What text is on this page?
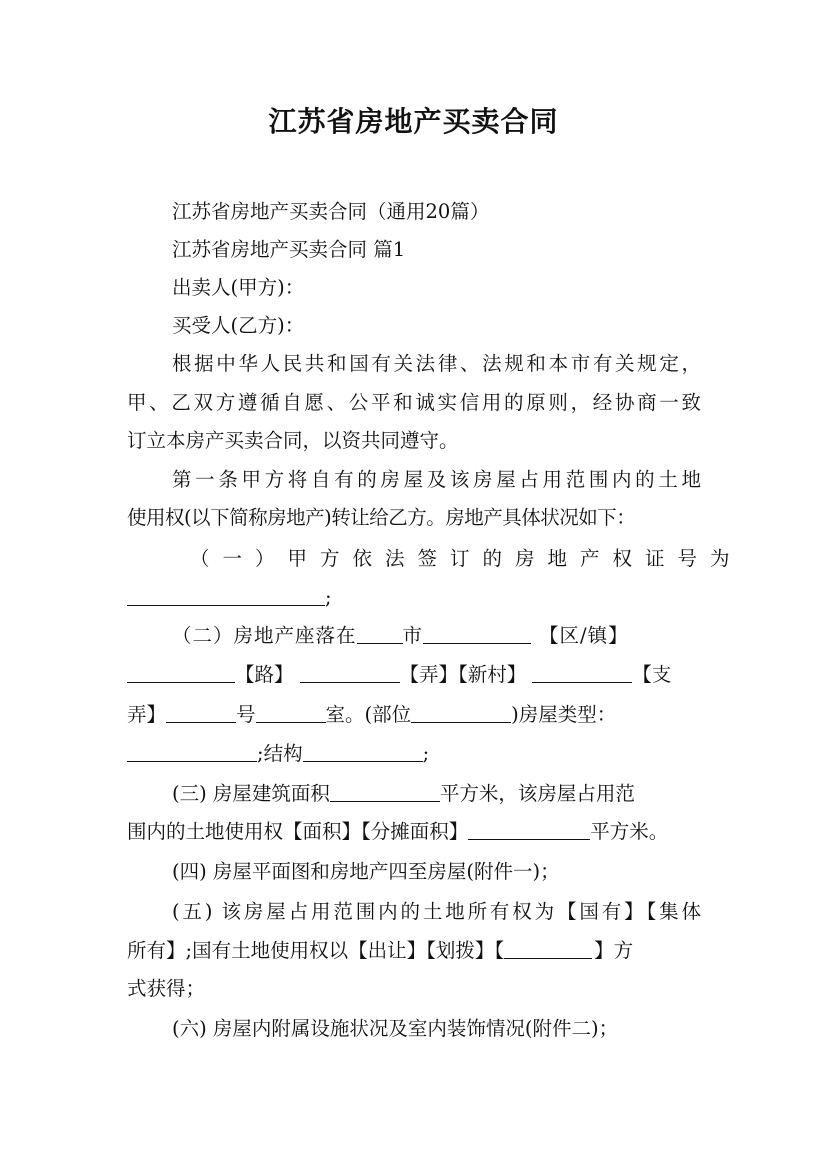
江苏省房地产买卖合同
江苏省房地产买卖合同（通用20篇）
江苏省房地产买卖合同 篇1
出卖人(甲方)：
买受人(乙方)：
根据中华人民共和国有关法律、法规和本市有关规定，
甲、乙双方遵循自愿、公平和诚实信用的原则，经协商一致
订立本房产买卖合同，以资共同遵守。
第一条甲方将自有的房屋及该房屋占用范围内的土地
使用权(以下简称房地产)转让给乙方。房地产具体状况如下：
（一）甲方依法签订的房地产权证号为
;
（二）房地产座落在 市	【区/镇】
【路】	【弄】【新村】	【支
弄】	号	室。(部位	)房屋类型：
;结构	;
(三) 房屋建筑面积	平方米，该房屋占用范
围内的土地使用权【面积】【分摊面积】	平方米。
(四) 房屋平面图和房地产四至房屋(附件一)；
(五) 该房屋占用范围内的土地所有权为【国有】【集体
所有】;国有土地使用权以【出让】【划拨】【	】方
式获得；
(六) 房屋内附属设施状况及室内装饰情况(附件二)；
